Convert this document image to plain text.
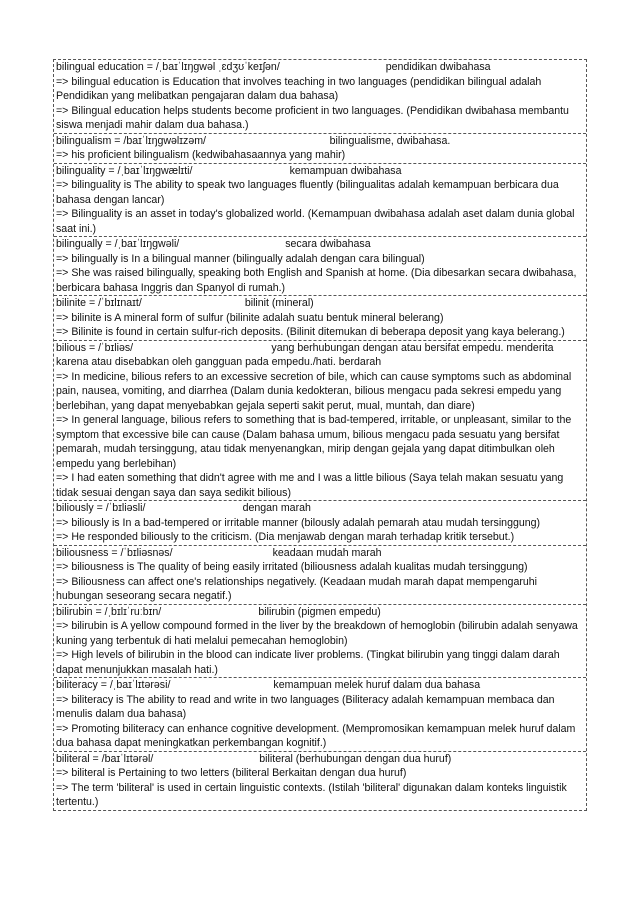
bilingual education = /ˌbaɪˈlɪŋɡwəl ˌɛdʒʊˈkeɪʃən/                                    pendidikan dwibahasa
=> bilingual education is Education that involves teaching in two languages (pendidikan bilingual adalah Pendidikan yang melibatkan pengajaran dalam dua bahasa)
=> Bilingual education helps students become proficient in two languages. (Pendidikan dwibahasa membantu siswa menjadi mahir dalam dua bahasa.)
bilingualism = /baɪˈlɪŋɡwəlɪzəm/                                          bilingualisme, dwibahasa.
=> his proficient bilingualism (kedwibahasaannya yang mahir)
bilinguality = /ˌbaɪˈlɪŋɡwælɪti/                                 kemampuan dwibahasa
=> bilinguality is The ability to speak two languages fluently (bilingualitas adalah kemampuan berbicara dua bahasa dengan lancar)
=> Bilinguality is an asset in today's globalized world. (Kemampuan dwibahasa adalah aset dalam dunia global saat ini.)
bilingually = /ˌbaɪˈlɪŋɡwəli/                                    secara dwibahasa
=> bilingually is In a bilingual manner (bilingually adalah dengan cara bilingual)
=> She was raised bilingually, speaking both English and Spanish at home. (Dia dibesarkan secara dwibahasa, berbicara bahasa Inggris dan Spanyol di rumah.)
bilinite = /ˈbɪlɪnaɪt/                                   bilinit (mineral)
=> bilinite is A mineral form of sulfur (bilinite adalah suatu bentuk mineral belerang)
=> Bilinite is found in certain sulfur-rich deposits. (Bilinit ditemukan di beberapa deposit yang kaya belerang.)
bilious = /ˈbɪliəs/                                               yang berhubungan dengan atau bersifat empedu. menderita
karena atau disebabkan oleh gangguan pada empedu./hati. berdarah
=> In medicine, bilious refers to an excessive secretion of bile, which can cause symptoms such as abdominal pain, nausea, vomiting, and diarrhea (Dalam dunia kedokteran, bilious mengacu pada sekresi empedu yang berlebihan, yang dapat menyebabkan gejala seperti sakit perut, mual, muntah, dan diare)
=> In general language, bilious refers to something that is bad-tempered, irritable, or unpleasant, similar to the symptom that excessive bile can cause (Dalam bahasa umum, bilious mengacu pada sesuatu yang bersifat pemarah, mudah tersinggung, atau tidak menyenangkan, mirip dengan gejala yang dapat ditimbulkan oleh empedu yang berlebihan)
=> I had eaten something that didn't agree with me and I was a little bilious (Saya telah makan sesuatu yang tidak sesuai dengan saya dan saya sedikit bilious)
biliously = /ˈbɪliəsli/                                 dengan marah
=> biliously is In a bad-tempered or irritable manner (bilously adalah pemarah atau mudah tersinggung)
=> He responded biliously to the criticism. (Dia menjawab dengan marah terhadap kritik tersebut.)
biliousness = /ˈbɪliəsnəs/                                  keadaan mudah marah
=> biliousness is The quality of being easily irritated (biliousness adalah kualitas mudah tersinggung)
=> Biliousness can affect one's relationships negatively. (Keadaan mudah marah dapat mempengaruhi hubungan seseorang secara negatif.)
bilirubin = /ˌbɪlɪˈruːbɪn/                                 bilirubin (pigmen empedu)
=> bilirubin is A yellow compound formed in the liver by the breakdown of hemoglobin (bilirubin adalah senyawa kuning yang terbentuk di hati melalui pemecahan hemoglobin)
=> High levels of bilirubin in the blood can indicate liver problems. (Tingkat bilirubin yang tinggi dalam darah dapat menunjukkan masalah hati.)
biliteracy = /ˌbaɪˈlɪtərəsi/                                   kemampuan melek huruf dalam dua bahasa
=> biliteracy is The ability to read and write in two languages (Biliteracy adalah kemampuan membaca dan menulis dalam dua bahasa)
=> Promoting biliteracy can enhance cognitive development. (Mempromosikan kemampuan melek huruf dalam dua bahasa dapat meningkatkan perkembangan kognitif.)
biliteral = /baɪˈlɪtərəl/                                    biliteral (berhubungan dengan dua huruf)
=> biliteral is Pertaining to two letters (biliteral Berkaitan dengan dua huruf)
=> The term 'biliteral' is used in certain linguistic contexts. (Istilah 'biliteral' digunakan dalam konteks linguistik tertentu.)
